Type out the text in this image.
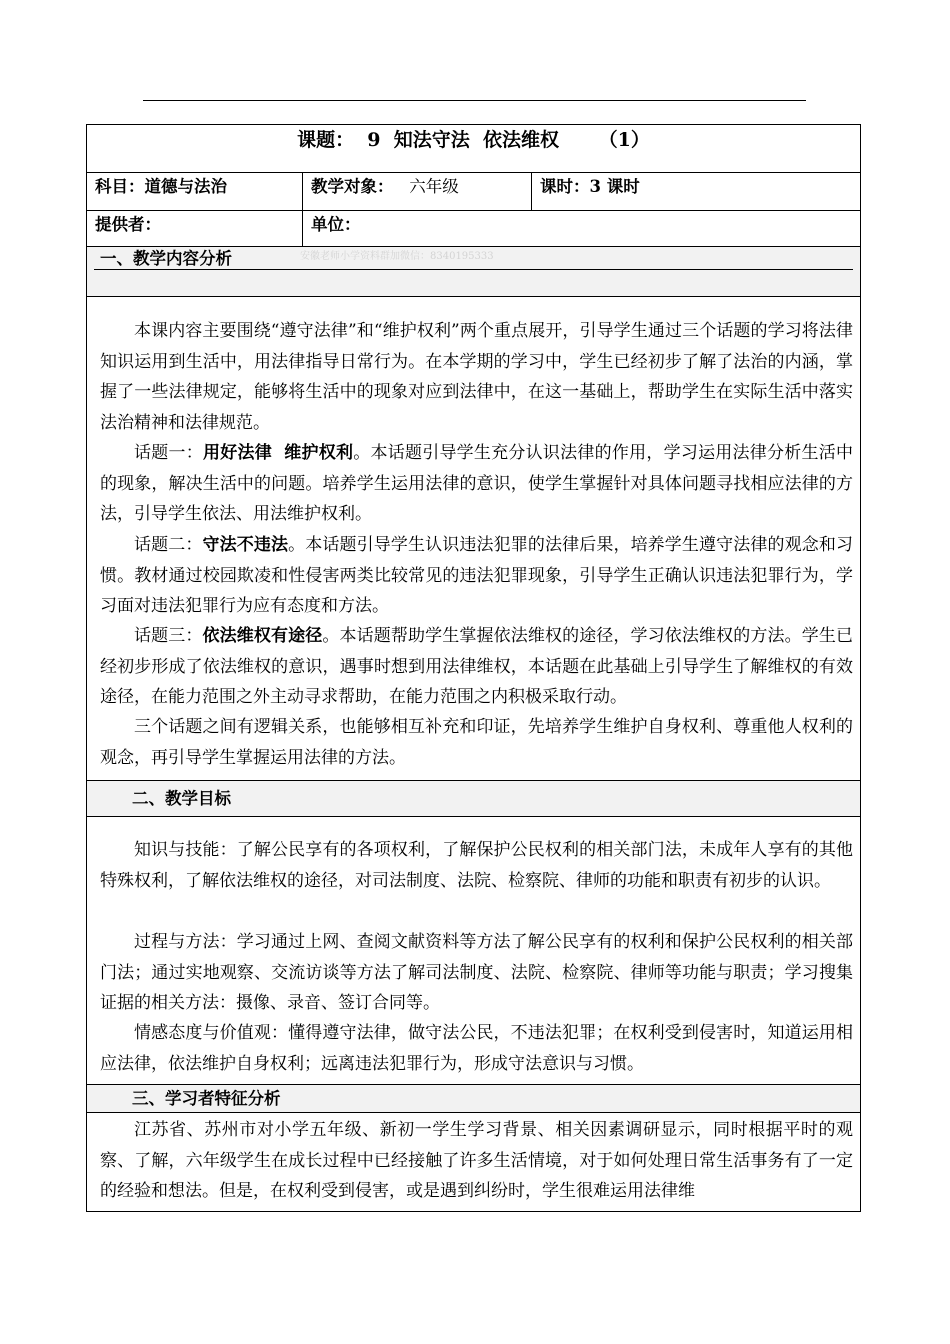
课题：  9  知法守法  依法维权      （1）
科目：道德与法治	教学对象： 六年级	课时：3 课时
提供者：	单位：
一、教学内容分析	安徽老师小学资料群加微信：8340195333

本课内容主要围绕“遵守法律”和“维护权利”两个重点展开，引导学生通过三个话题的学习将法律知识运用到生活中，用法律指导日常行为。在本学期的学习中，学生已经初步了解了法治的内涵，掌握了一些法律规定，能够将生活中的现象对应到法律中，在这一基础上，帮助学生在实际生活中落实法治精神和法律规范。

话题一：用好法律  维护权利。本话题引导学生充分认识法律的作用，学习运用法律分析生活中的现象，解决生活中的问题。培养学生运用法律的意识，使学生掌握针对具体问题寻找相应法律的方法，引导学生依法、用法维护权利。

话题二：守法不违法。本话题引导学生认识违法犯罪的法律后果，培养学生遵守法律的观念和习惯。教材通过校园欺凌和性侵害两类比较常见的违法犯罪现象，引导学生正确认识违法犯罪行为，学习面对违法犯罪行为应有态度和方法。

话题三：依法维权有途径。本话题帮助学生掌握依法维权的途径，学习依法维权的方法。学生已经初步形成了依法维权的意识，遇事时想到用法律维权，本话题在此基础上引导学生了解维权的有效途径，在能力范围之外主动寻求帮助，在能力范围之内积极采取行动。

三个话题之间有逻辑关系，也能够相互补充和印证，先培养学生维护自身权利、尊重他人权利的观念，再引导学生掌握运用法律的方法。

二、教学目标

知识与技能：了解公民享有的各项权利，了解保护公民权利的相关部门法，未成年人享有的其他特殊权利，了解依法维权的途径，对司法制度、法院、检察院、律师的功能和职责有初步的认识。

过程与方法：学习通过上网、查阅文献资料等方法了解公民享有的权利和保护公民权利的相关部门法；通过实地观察、交流访谈等方法了解司法制度、法院、检察院、律师等功能与职责；学习搜集证据的相关方法：摄像、录音、签订合同等。

情感态度与价值观：懂得遵守法律，做守法公民，不违法犯罪；在权利受到侵害时，知道运用相应法律，依法维护自身权利；远离违法犯罪行为，形成守法意识与习惯。

三、学习者特征分析

江苏省、苏州市对小学五年级、新初一学生学习背景、相关因素调研显示，同时根据平时的观察、了解，六年级学生在成长过程中已经接触了许多生活情境，对于如何处理日常生活事务有了一定的经验和想法。但是，在权利受到侵害，或是遇到纠纷时，学生很难运用法律维
